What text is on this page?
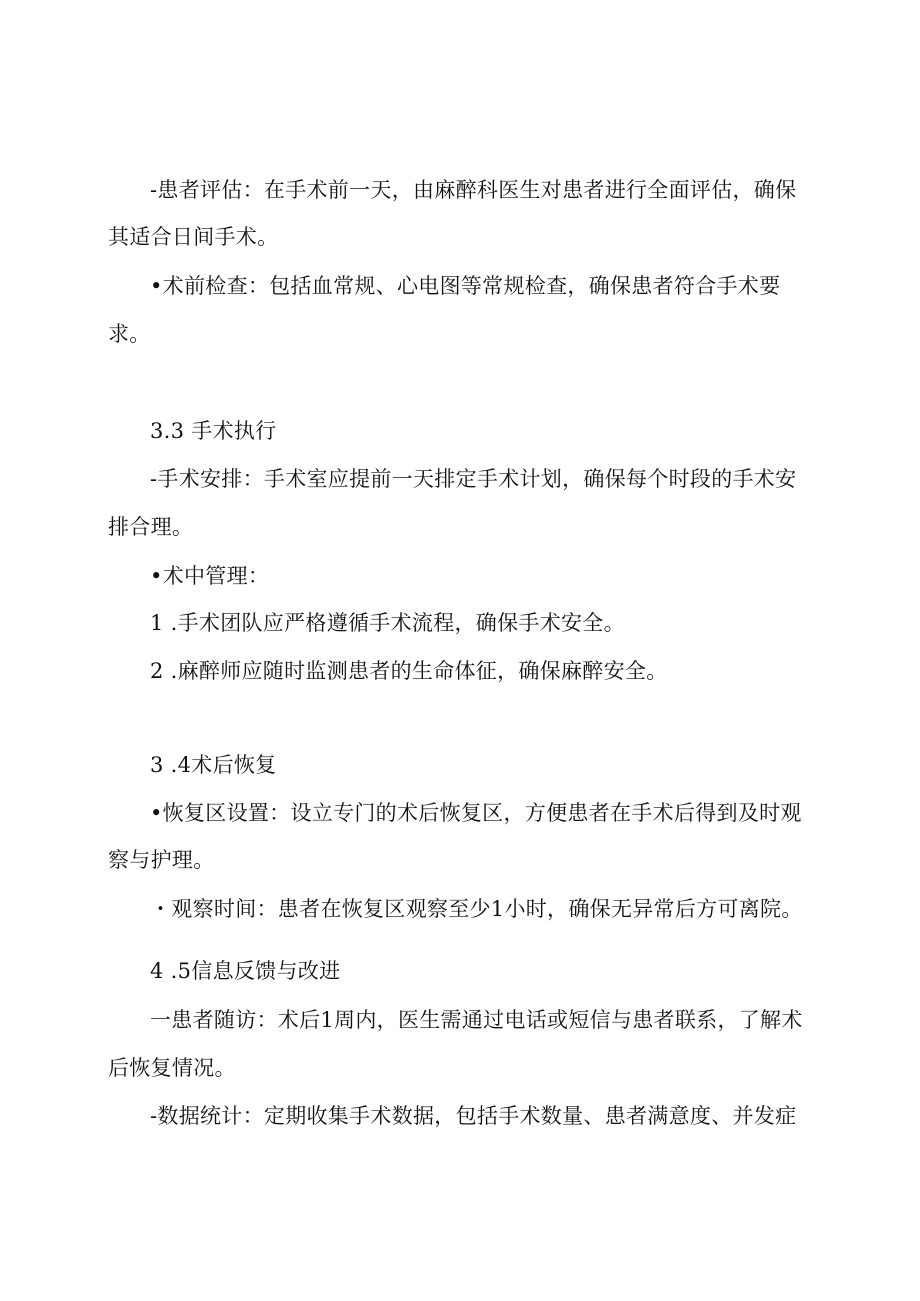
-患者评估：在手术前一天，由麻醉科医生对患者进行全面评估，确保
其适合日间手术。
•术前检查：包括血常规、心电图等常规检查，确保患者符合手术要
求。
3.3 手术执行
-手术安排：手术室应提前一天排定手术计划，确保每个时段的手术安
排合理。
•术中管理：
1 .手术团队应严格遵循手术流程，确保手术安全。
2 .麻醉师应随时监测患者的生命体征，确保麻醉安全。
3 .4术后恢复
•恢复区设置：设立专门的术后恢复区，方便患者在手术后得到及时观
察与护理。
・观察时间：患者在恢复区观察至少1小时，确保无异常后方可离院。
4 .5信息反馈与改进
一患者随访：术后1周内，医生需通过电话或短信与患者联系，了解术
后恢复情况。
-数据统计：定期收集手术数据，包括手术数量、患者满意度、并发症
